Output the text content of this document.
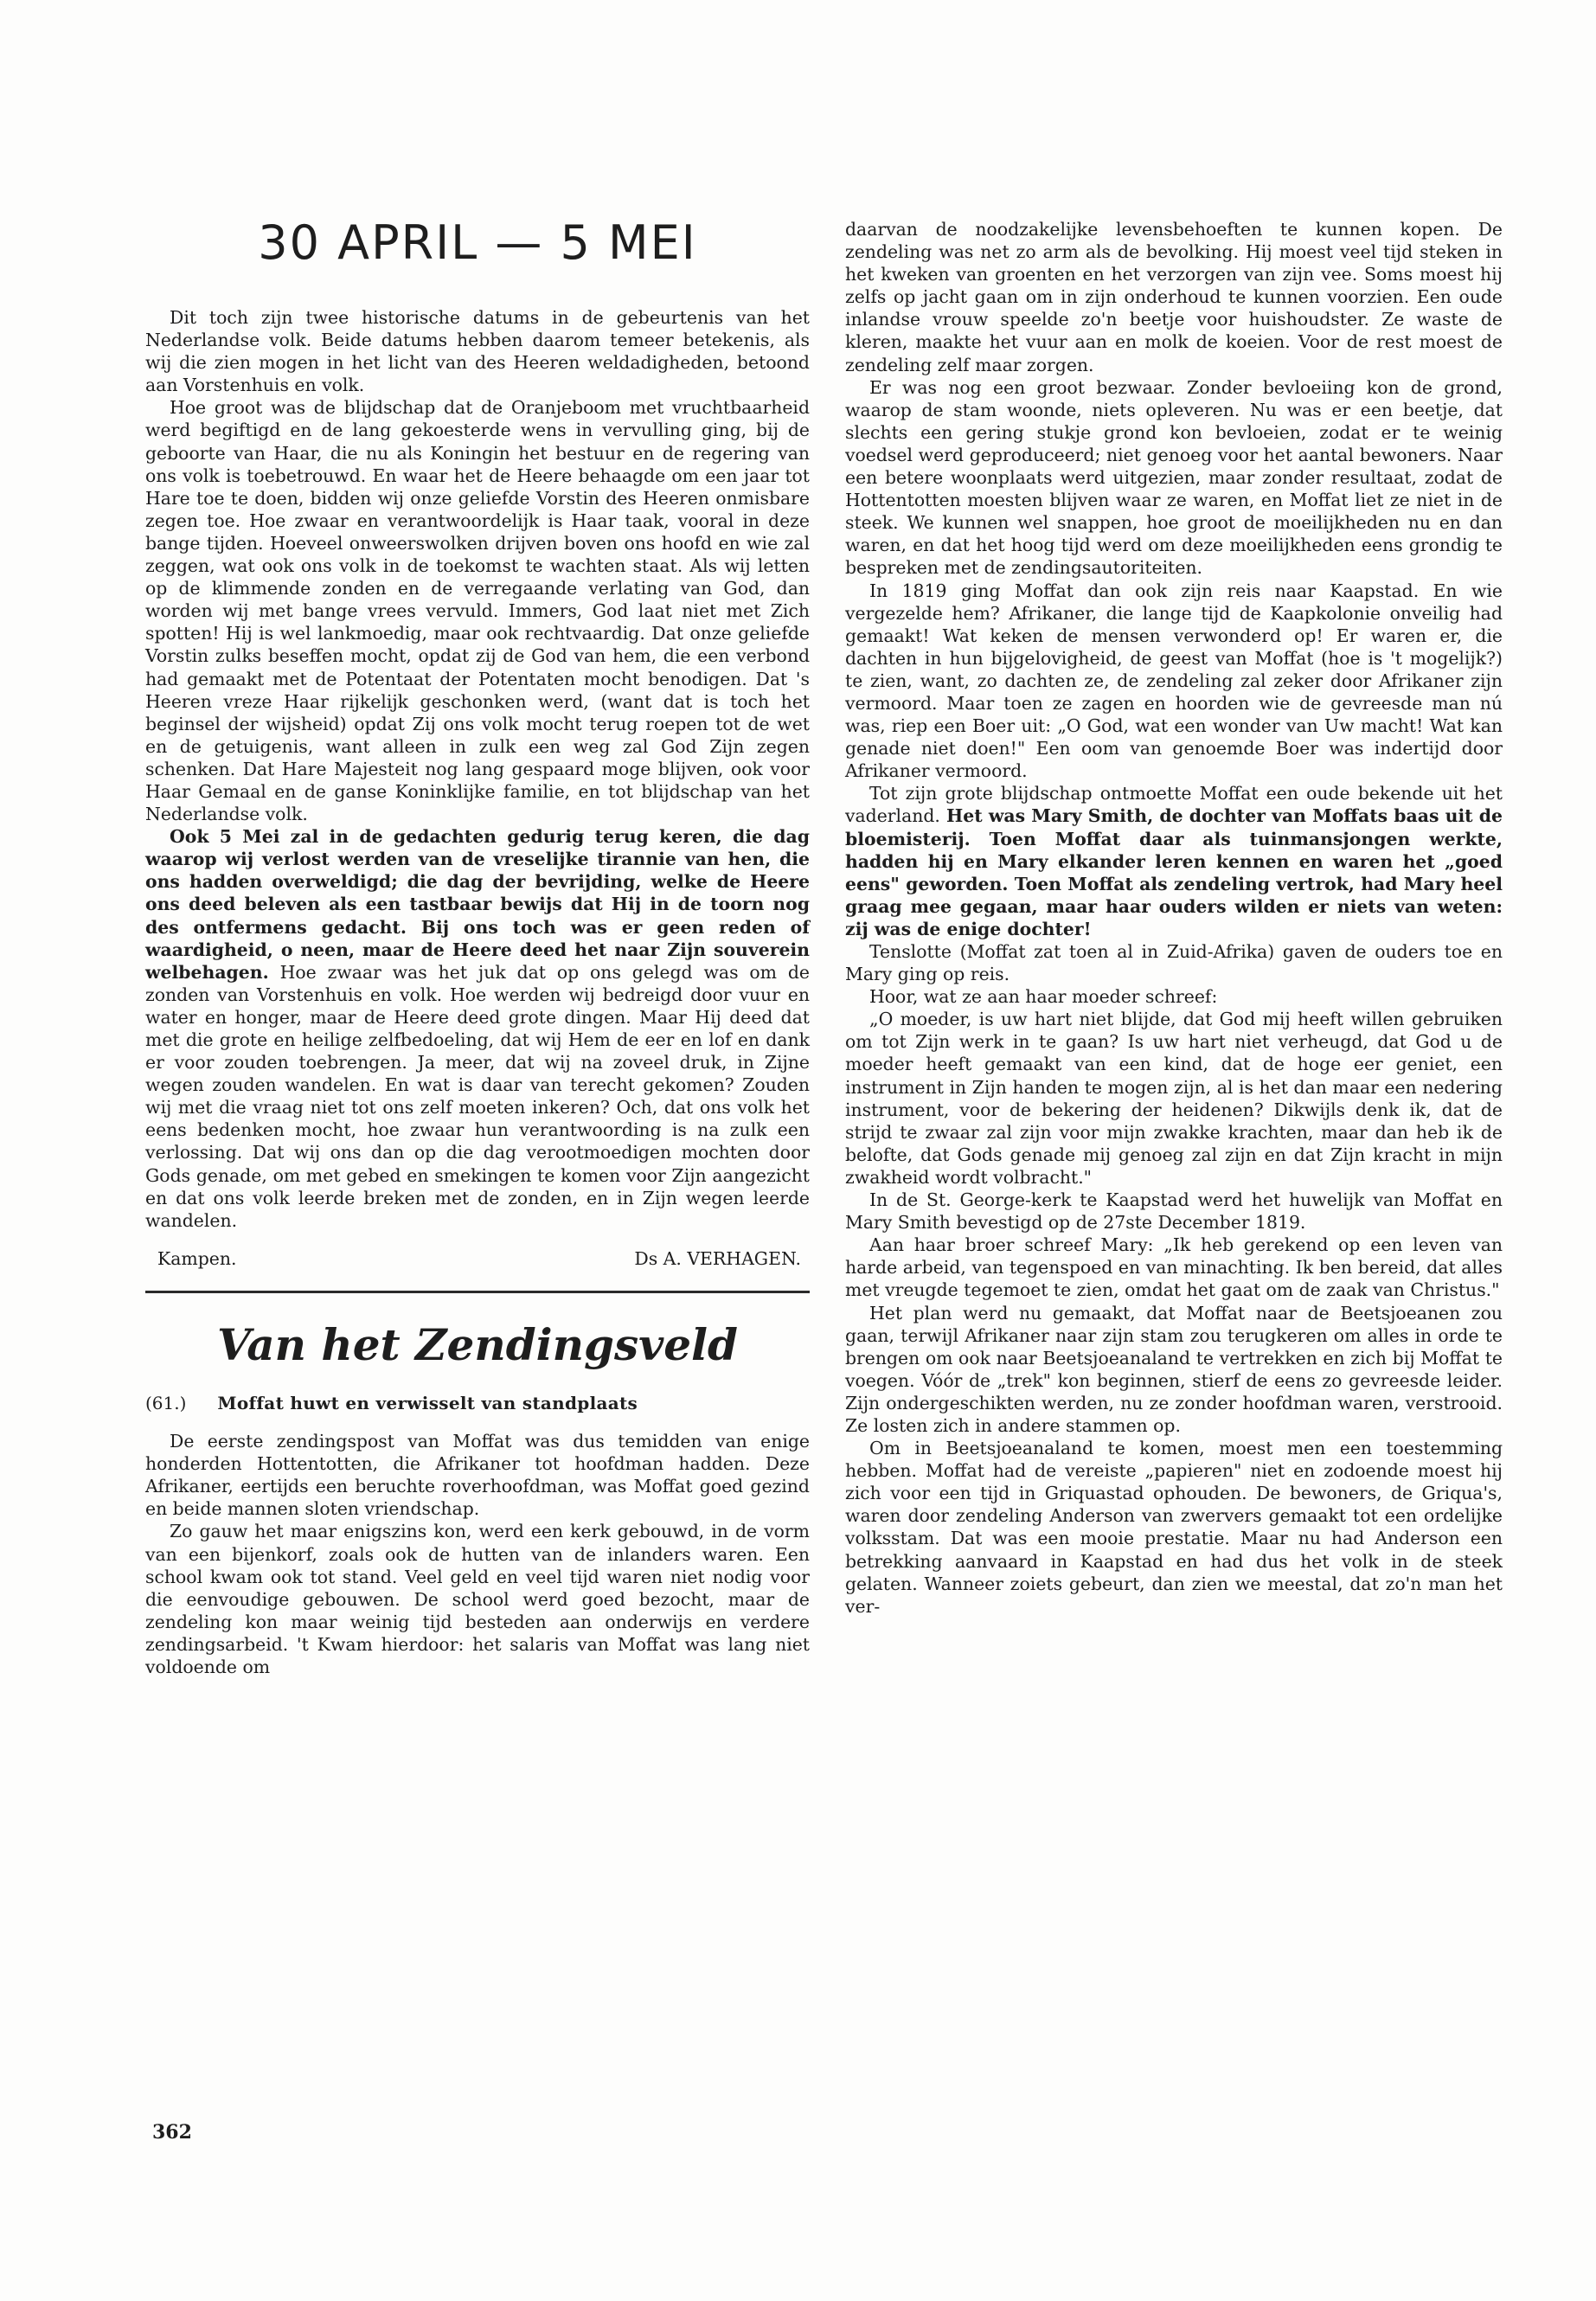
30 APRIL — 5 MEI

Dit toch zijn twee historische datums in de gebeurtenis van het Nederlandse volk. Beide datums hebben daarom temeer betekenis, als wij die zien mogen in het licht van des Heeren weldadigheden, betoond aan Vorstenhuis en volk.

Hoe groot was de blijdschap dat de Oranjeboom met vruchtbaarheid werd begiftigd en de lang gekoesterde wens in vervulling ging, bij de geboorte van Haar, die nu als Koningin het bestuur en de regering van ons volk is toebetrouwd. En waar het de Heere behaagde om een jaar tot Hare toe te doen, bidden wij onze geliefde Vorstin des Heeren onmisbare zegen toe. Hoe zwaar en verantwoordelijk is Haar taak, vooral in deze bange tijden. Hoeveel onweerswolken drijven boven ons hoofd en wie zal zeggen, wat ook ons volk in de toekomst te wachten staat. Als wij letten op de klimmende zonden en de verregaande verlating van God, dan worden wij met bange vrees vervuld. Immers, God laat niet met Zich spotten! Hij is wel lankmoedig, maar ook rechtvaardig. Dat onze geliefde Vorstin zulks beseffen mocht, opdat zij de God van hem, die een verbond had gemaakt met de Potentaat der Potentaten mocht benodigen. Dat 's Heeren vreze Haar rijkelijk geschonken werd, (want dat is toch het beginsel der wijsheid) opdat Zij ons volk mocht terug roepen tot de wet en de getuigenis, want alleen in zulk een weg zal God Zijn zegen schenken. Dat Hare Majesteit nog lang gespaard moge blijven, ook voor Haar Gemaal en de ganse Koninklijke familie, en tot blijdschap van het Nederlandse volk.

Ook 5 Mei zal in de gedachten gedurig terug keren, die dag waarop wij verlost werden van de vreselijke tirannie van hen, die ons hadden overweldigd; die dag der bevrijding, welke de Heere ons deed beleven als een tastbaar bewijs dat Hij in de toorn nog des ontfermens gedacht. Bij ons toch was er geen reden of waardigheid, o neen, maar de Heere deed het naar Zijn souverein welbehagen. Hoe zwaar was het juk dat op ons gelegd was om de zonden van Vorstenhuis en volk. Hoe werden wij bedreigd door vuur en water en honger, maar de Heere deed grote dingen. Maar Hij deed dat met die grote en heilige zelfbedoeling, dat wij Hem de eer en lof en dank er voor zouden toebrengen. Ja meer, dat wij na zoveel druk, in Zijne wegen zouden wandelen. En wat is daar van terecht gekomen? Zouden wij met die vraag niet tot ons zelf moeten inkeren? Och, dat ons volk het eens bedenken mocht, hoe zwaar hun verantwoording is na zulk een verlossing. Dat wij ons dan op die dag verootmoedigen mochten door Gods genade, om met gebed en smekingen te komen voor Zijn aangezicht en dat ons volk leerde breken met de zonden, en in Zijn wegen leerde wandelen.

Kampen.	Ds A. VERHAGEN.
Van het Zendingsveld
(61.) Moffat huwt en verwisselt van standplaats

De eerste zendingspost van Moffat was dus temidden van enige honderden Hottentotten, die Afrikaner tot hoofdman hadden. Deze Afrikaner, eertijds een beruchte roverhoofdman, was Moffat goed gezind en beide mannen sloten vriendschap.

Zo gauw het maar enigszins kon, werd een kerk gebouwd, in de vorm van een bijenkorf, zoals ook de hutten van de inlanders waren. Een school kwam ook tot stand. Veel geld en veel tijd waren niet nodig voor die eenvoudige gebouwen. De school werd goed bezocht, maar de zendeling kon maar weinig tijd besteden aan onderwijs en verdere zendingsarbeid. 't Kwam hierdoor: het salaris van Moffat was lang niet voldoende om

daarvan de noodzakelijke levensbehoeften te kunnen kopen. De zendeling was net zo arm als de bevolking. Hij moest veel tijd steken in het kweken van groenten en het verzorgen van zijn vee. Soms moest hij zelfs op jacht gaan om in zijn onderhoud te kunnen voorzien. Een oude inlandse vrouw speelde zo'n beetje voor huishoudster. Ze waste de kleren, maakte het vuur aan en molk de koeien. Voor de rest moest de zendeling zelf maar zorgen.

Er was nog een groot bezwaar. Zonder bevloeiing kon de grond, waarop de stam woonde, niets opleveren. Nu was er een beetje, dat slechts een gering stukje grond kon bevloeien, zodat er te weinig voedsel werd geproduceerd; niet genoeg voor het aantal bewoners. Naar een betere woonplaats werd uitgezien, maar zonder resultaat, zodat de Hottentotten moesten blijven waar ze waren, en Moffat liet ze niet in de steek. We kunnen wel snappen, hoe groot de moeilijkheden nu en dan waren, en dat het hoog tijd werd om deze moeilijkheden eens grondig te bespreken met de zendingsautoriteiten.

In 1819 ging Moffat dan ook zijn reis naar Kaapstad. En wie vergezelde hem? Afrikaner, die lange tijd de Kaapkolonie onveilig had gemaakt! Wat keken de mensen verwonderd op! Er waren er, die dachten in hun bijgelovigheid, de geest van Moffat (hoe is 't mogelijk?) te zien, want, zo dachten ze, de zendeling zal zeker door Afrikaner zijn vermoord. Maar toen ze zagen en hoorden wie de gevreesde man nú was, riep een Boer uit: „O God, wat een wonder van Uw macht! Wat kan genade niet doen!" Een oom van genoemde Boer was indertijd door Afrikaner vermoord.

Tot zijn grote blijdschap ontmoette Moffat een oude bekende uit het vaderland. Het was Mary Smith, de dochter van Moffats baas uit de bloemisterij. Toen Moffat daar als tuinmansjongen werkte, hadden hij en Mary elkander leren kennen en waren het „goed eens" geworden. Toen Moffat als zendeling vertrok, had Mary heel graag mee gegaan, maar haar ouders wilden er niets van weten: zij was de enige dochter!

Tenslotte (Moffat zat toen al in Zuid-Afrika) gaven de ouders toe en Mary ging op reis.

Hoor, wat ze aan haar moeder schreef:

„O moeder, is uw hart niet blijde, dat God mij heeft willen gebruiken om tot Zijn werk in te gaan? Is uw hart niet verheugd, dat God u de moeder heeft gemaakt van een kind, dat de hoge eer geniet, een instrument in Zijn handen te mogen zijn, al is het dan maar een nedering instrument, voor de bekering der heidenen? Dikwijls denk ik, dat de strijd te zwaar zal zijn voor mijn zwakke krachten, maar dan heb ik de belofte, dat Gods genade mij genoeg zal zijn en dat Zijn kracht in mijn zwakheid wordt volbracht."

In de St. George-kerk te Kaapstad werd het huwelijk van Moffat en Mary Smith bevestigd op de 27ste December 1819.

Aan haar broer schreef Mary: „Ik heb gerekend op een leven van harde arbeid, van tegenspoed en van minachting. Ik ben bereid, dat alles met vreugde tegemoet te zien, omdat het gaat om de zaak van Christus."

Het plan werd nu gemaakt, dat Moffat naar de Beetsjoeanen zou gaan, terwijl Afrikaner naar zijn stam zou terugkeren om alles in orde te brengen om ook naar Beetsjoeanaland te vertrekken en zich bij Moffat te voegen. Vóór de „trek" kon beginnen, stierf de eens zo gevreesde leider. Zijn ondergeschikten werden, nu ze zonder hoofdman waren, verstrooid. Ze losten zich in andere stammen op.

Om in Beetsjoeanaland te komen, moest men een toestemming hebben. Moffat had de vereiste „papieren" niet en zodoende moest hij zich voor een tijd in Griquastad ophouden. De bewoners, de Griqua's, waren door zendeling Anderson van zwervers gemaakt tot een ordelijke volksstam. Dat was een mooie prestatie. Maar nu had Anderson een betrekking aanvaard in Kaapstad en had dus het volk in de steek gelaten. Wanneer zoiets gebeurt, dan zien we meestal, dat zo'n man het ver-

362
